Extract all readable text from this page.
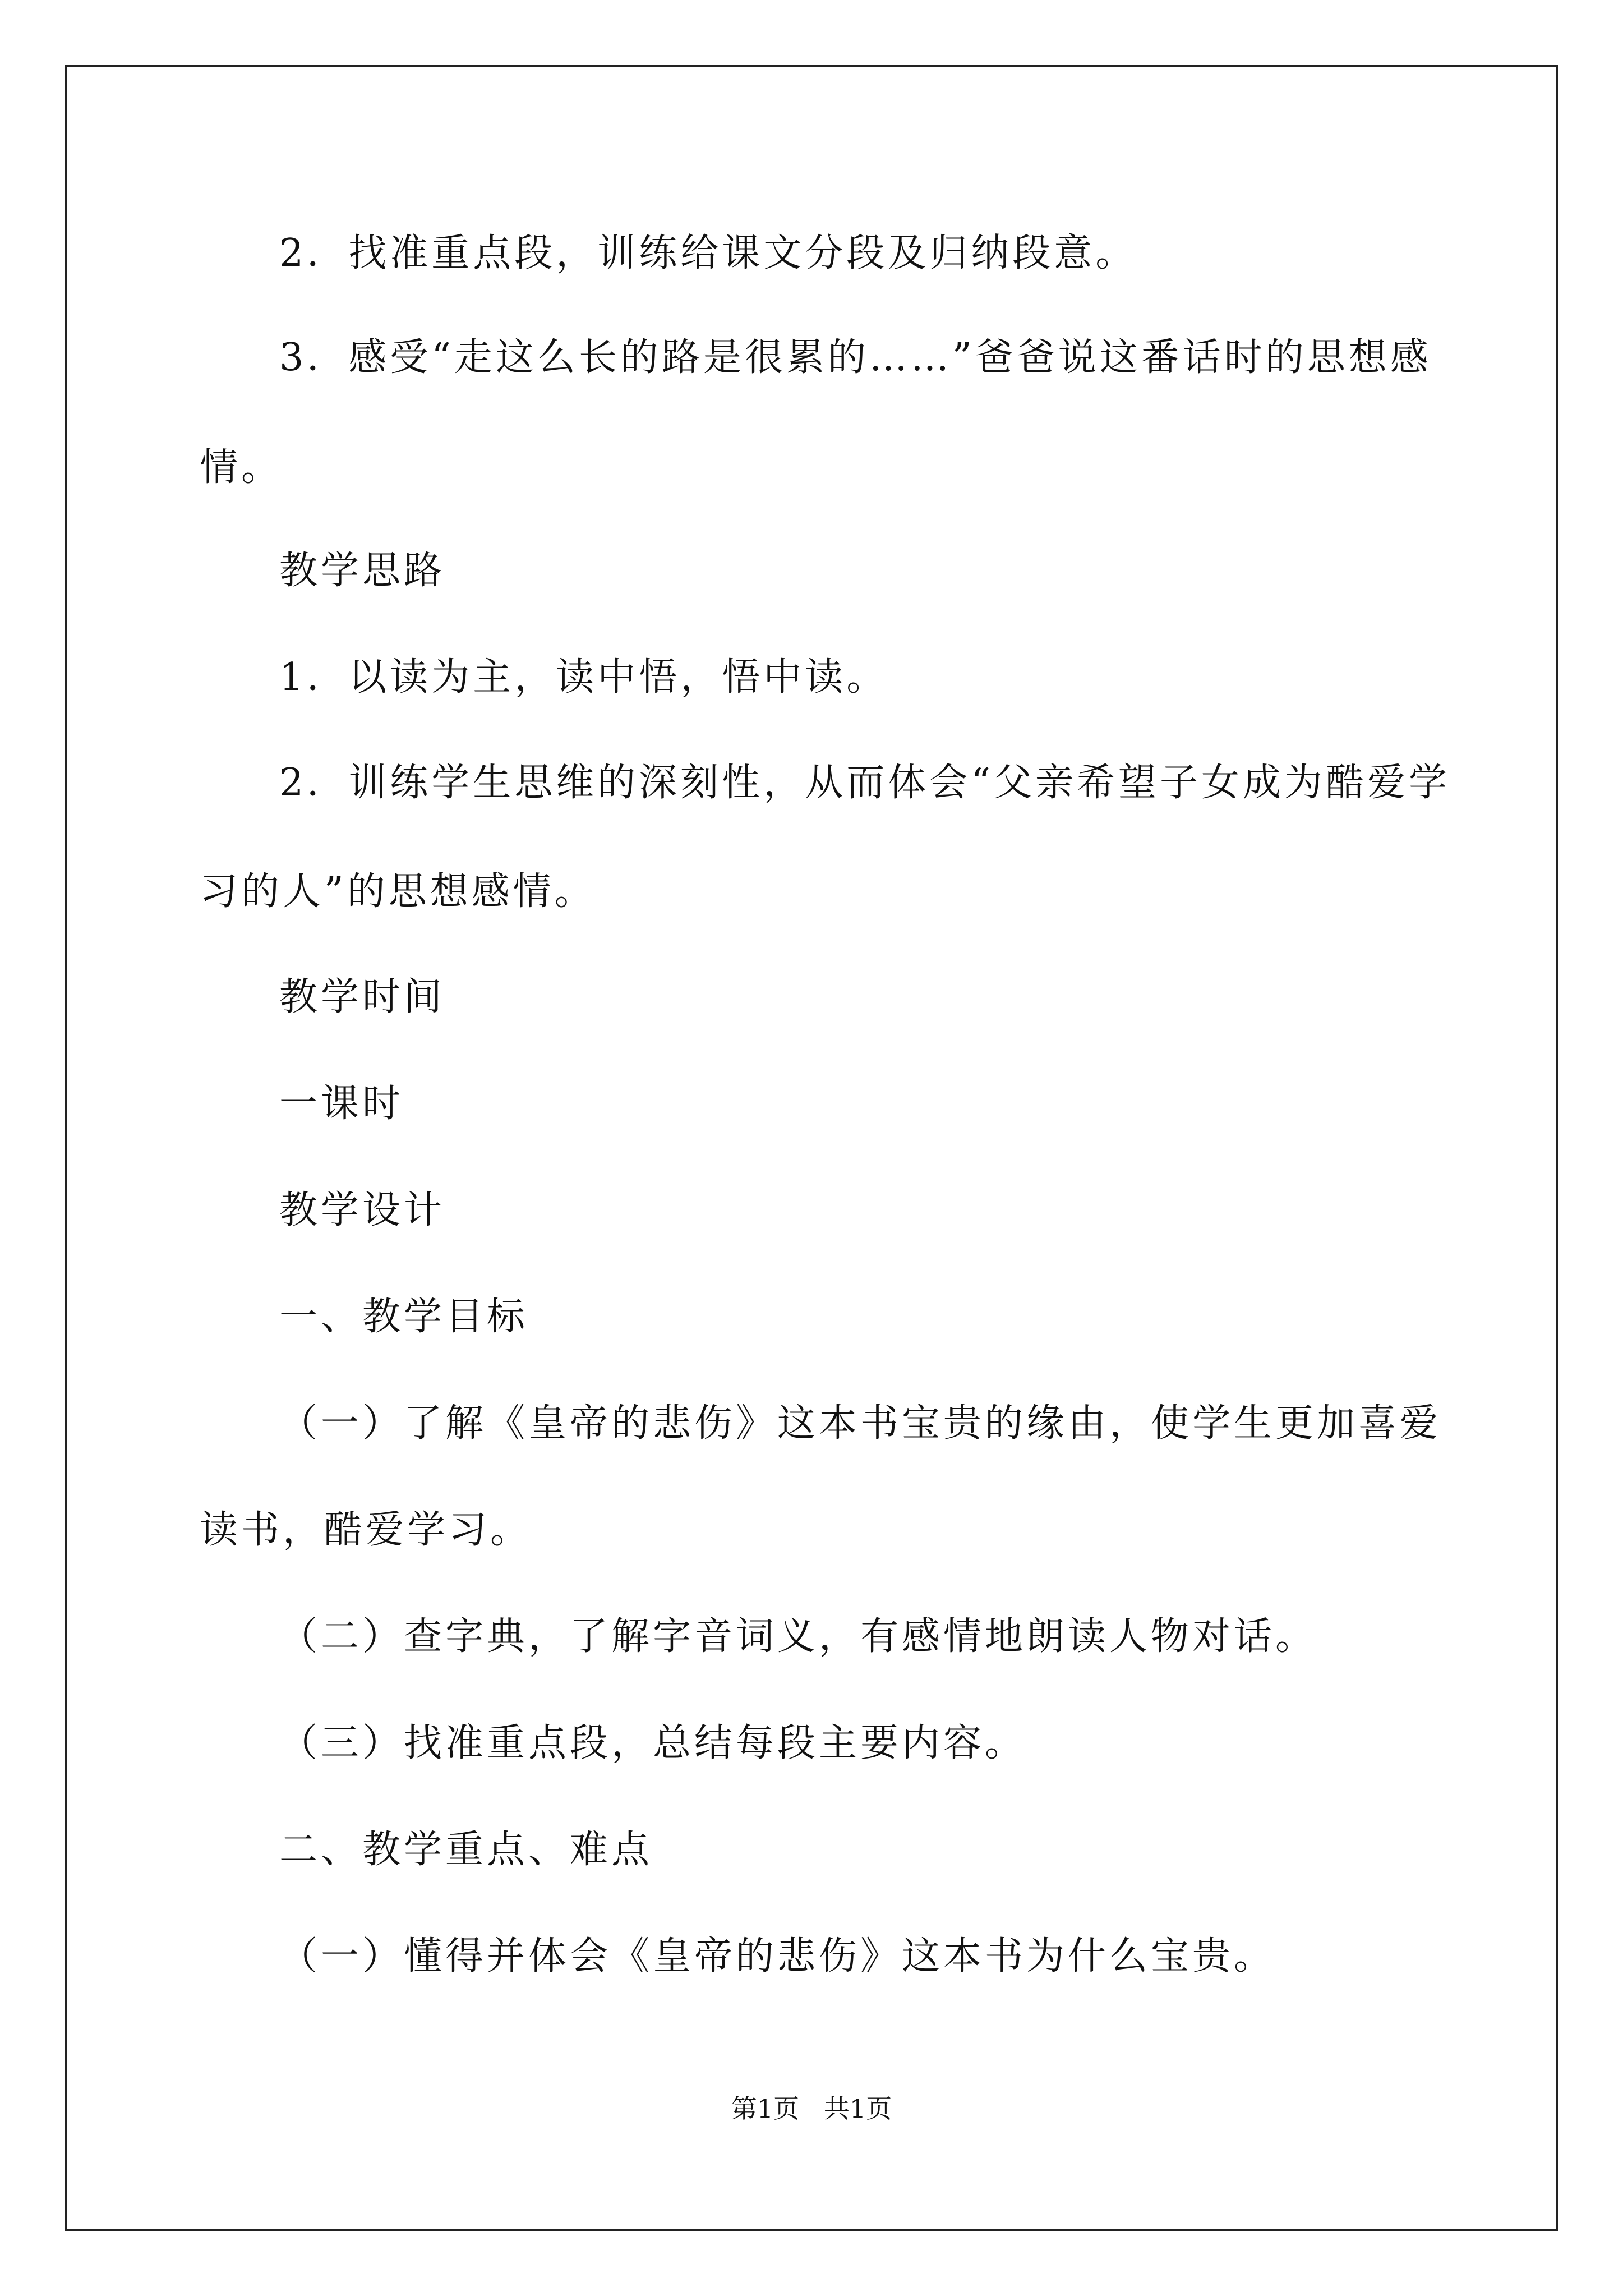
2．找准重点段，训练给课文分段及归纳段意。
3．感受“走这么长的路是很累的……”爸爸说这番话时的思想感
情。
教学思路
1．以读为主，读中悟，悟中读。
2．训练学生思维的深刻性，从而体会“父亲希望子女成为酷爱学
习的人”的思想感情。
教学时间
一课时
教学设计
一、教学目标
（一）了解《皇帝的悲伤》这本书宝贵的缘由，使学生更加喜爱
读书，酷爱学习。
（二）查字典，了解字音词义，有感情地朗读人物对话。
（三）找准重点段，总结每段主要内容。
二、教学重点、难点
（一）懂得并体会《皇帝的悲伤》这本书为什么宝贵。
第1页   共1页
